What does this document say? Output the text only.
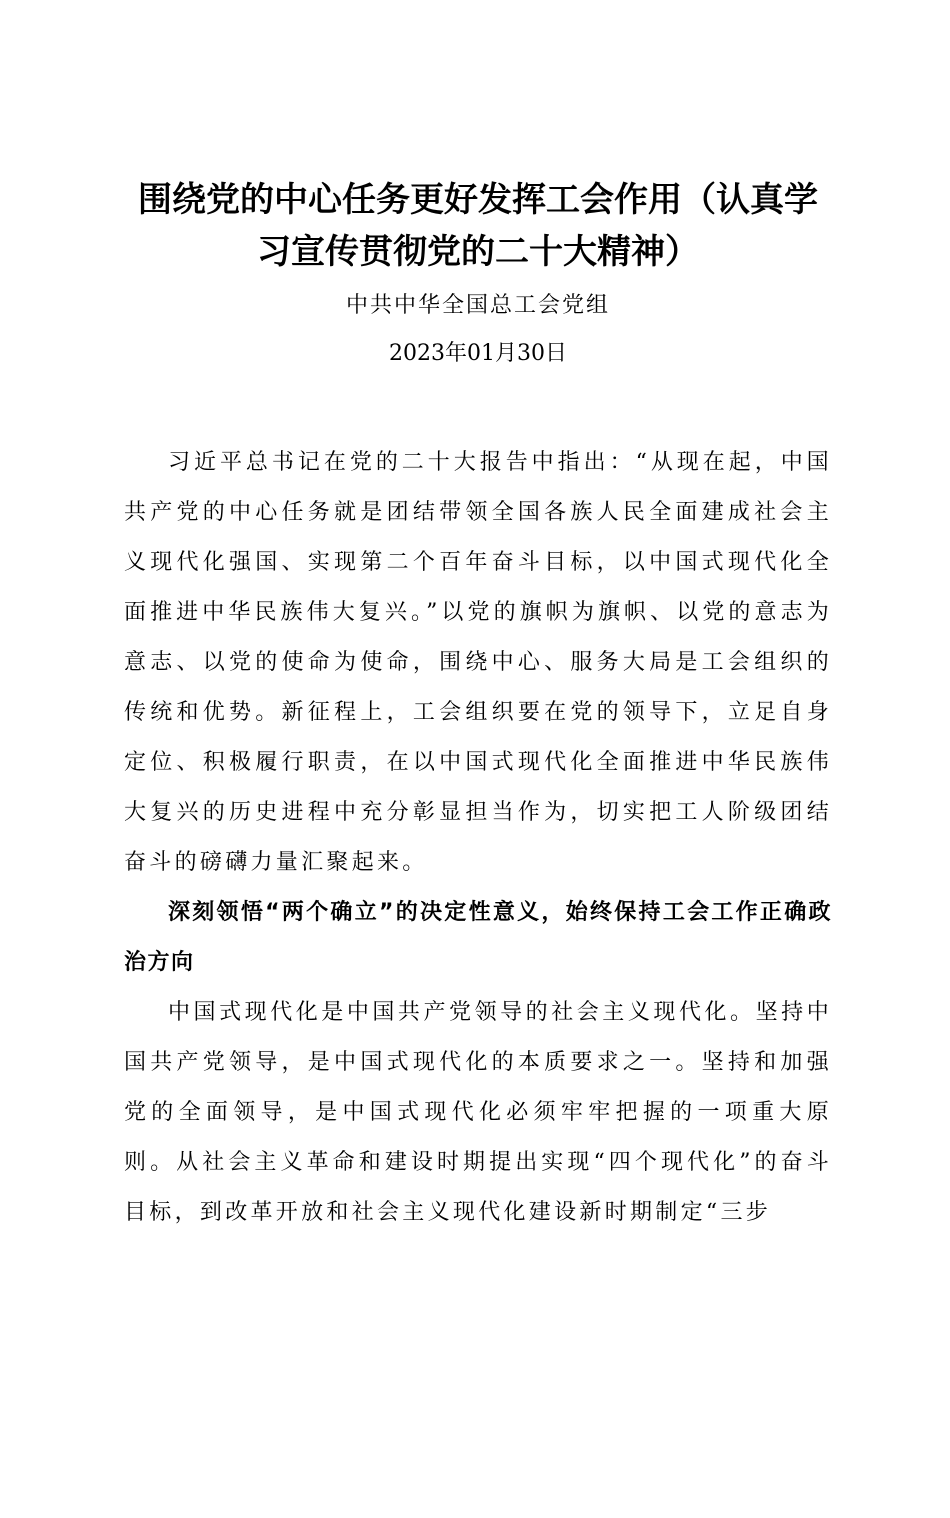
围绕党的中心任务更好发挥工会作用（认真学习宣传贯彻党的二十大精神）
中共中华全国总工会党组
2023年01月30日

习近平总书记在党的二十大报告中指出：“从现在起，中国共产党的中心任务就是团结带领全国各族人民全面建成社会主义现代化强国、实现第二个百年奋斗目标，以中国式现代化全面推进中华民族伟大复兴。”以党的旗帜为旗帜、以党的意志为意志、以党的使命为使命，围绕中心、服务大局是工会组织的传统和优势。新征程上，工会组织要在党的领导下，立足自身定位、积极履行职责，在以中国式现代化全面推进中华民族伟大复兴的历史进程中充分彰显担当作为，切实把工人阶级团结奋斗的磅礴力量汇聚起来。

深刻领悟“两个确立”的决定性意义，始终保持工会工作正确政治方向

中国式现代化是中国共产党领导的社会主义现代化。坚持中国共产党领导，是中国式现代化的本质要求之一。坚持和加强党的全面领导，是中国式现代化必须牢牢把握的一项重大原则。从社会主义革命和建设时期提出实现“四个现代化”的奋斗目标，到改革开放和社会主义现代化建设新时期制定“三步
